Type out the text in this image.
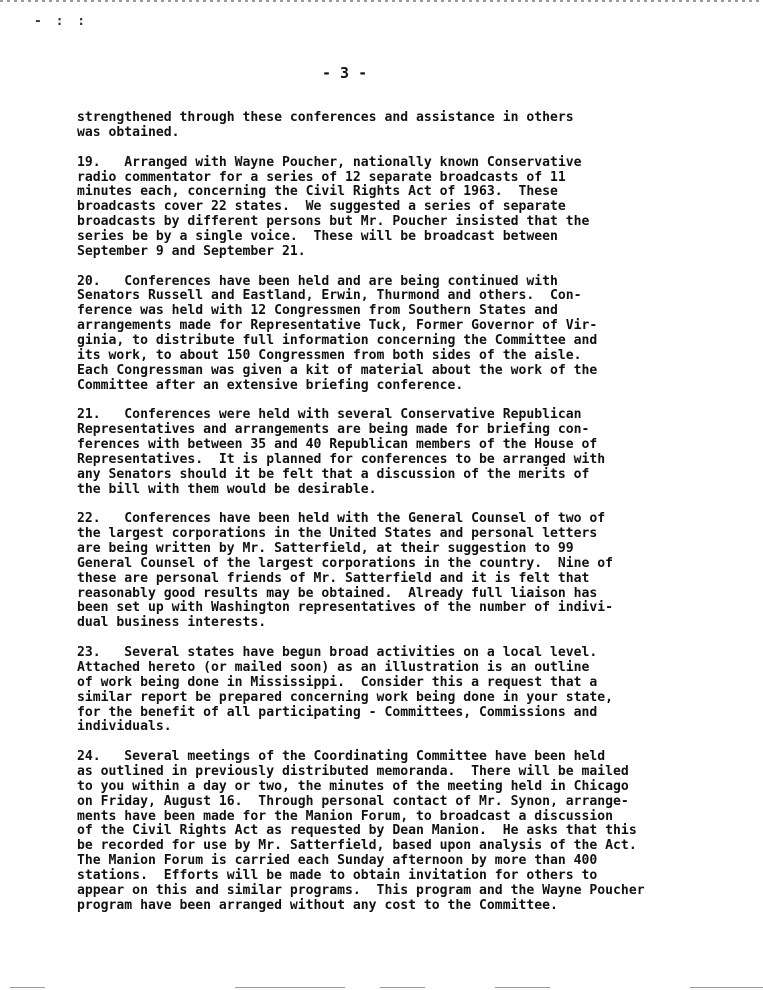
- : :
- 3 -
strengthened through these conferences and assistance in others
was obtained.
19.   Arranged with Wayne Poucher, nationally known Conservative
radio commentator for a series of 12 separate broadcasts of 11
minutes each, concerning the Civil Rights Act of 1963.  These
broadcasts cover 22 states.  We suggested a series of separate
broadcasts by different persons but Mr. Poucher insisted that the
series be by a single voice.  These will be broadcast between
September 9 and September 21.
20.   Conferences have been held and are being continued with
Senators Russell and Eastland, Erwin, Thurmond and others.  Con-
ference was held with 12 Congressmen from Southern States and
arrangements made for Representative Tuck, Former Governor of Vir-
ginia, to distribute full information concerning the Committee and
its work, to about 150 Congressmen from both sides of the aisle.
Each Congressman was given a kit of material about the work of the
Committee after an extensive briefing conference.
21.   Conferences were held with several Conservative Republican
Representatives and arrangements are being made for briefing con-
ferences with between 35 and 40 Republican members of the House of
Representatives.  It is planned for conferences to be arranged with
any Senators should it be felt that a discussion of the merits of
the bill with them would be desirable.
22.   Conferences have been held with the General Counsel of two of
the largest corporations in the United States and personal letters
are being written by Mr. Satterfield, at their suggestion to 99
General Counsel of the largest corporations in the country.  Nine of
these are personal friends of Mr. Satterfield and it is felt that
reasonably good results may be obtained.  Already full liaison has
been set up with Washington representatives of the number of indivi-
dual business interests.
23.   Several states have begun broad activities on a local level.
Attached hereto (or mailed soon) as an illustration is an outline
of work being done in Mississippi.  Consider this a request that a
similar report be prepared concerning work being done in your state,
for the benefit of all participating - Committees, Commissions and
individuals.
24.   Several meetings of the Coordinating Committee have been held
as outlined in previously distributed memoranda.  There will be mailed
to you within a day or two, the minutes of the meeting held in Chicago
on Friday, August 16.  Through personal contact of Mr. Synon, arrange-
ments have been made for the Manion Forum, to broadcast a discussion
of the Civil Rights Act as requested by Dean Manion.  He asks that this
be recorded for use by Mr. Satterfield, based upon analysis of the Act.
The Manion Forum is carried each Sunday afternoon by more than 400
stations.  Efforts will be made to obtain invitation for others to
appear on this and similar programs.  This program and the Wayne Poucher
program have been arranged without any cost to the Committee.
